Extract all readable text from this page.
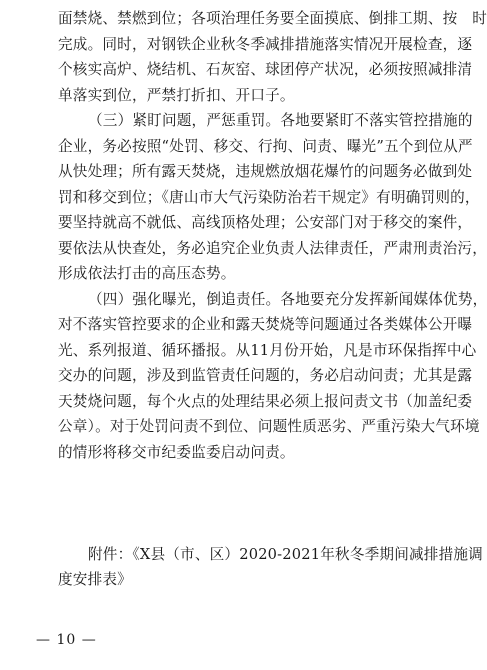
面禁烧、禁燃到位；各项治理任务要全面摸底、倒排工期、按　时
完成。同时，对钢铁企业秋冬季减排措施落实情况开展检查，逐
个核实高炉、烧结机、石灰窑、球团停产状况，必须按照减排清
单落实到位，严禁打折扣、开口子。
（三）紧盯问题，严惩重罚。各地要紧盯不落实管控措施的
企业，务必按照“处罚、移交、行拘、问责、曝光”五个到位从严
从快处理；所有露天焚烧，违规燃放烟花爆竹的问题务必做到处
罚和移交到位；《唐山市大气污染防治若干规定》有明确罚则的，
要坚持就高不就低、高线顶格处理；公安部门对于移交的案件，
要依法从快查处，务必追究企业负责人法律责任，严肃刑责治污，
形成依法打击的高压态势。
（四）强化曝光，倒追责任。各地要充分发挥新闻媒体优势，
对不落实管控要求的企业和露天焚烧等问题通过各类媒体公开曝
光、系列报道、循环播报。从11月份开始，凡是市环保指挥中心
交办的问题，涉及到监管责任问题的，务必启动问责；尤其是露
天焚烧问题，每个火点的处理结果必须上报问责文书（加盖纪委
公章）。对于处罚问责不到位、问题性质恶劣、严重污染大气环境
的情形将移交市纪委监委启动问责。
附件：《X县（市、区）2020-2021年秋冬季期间减排措施调
度安排表》
— 10 —
